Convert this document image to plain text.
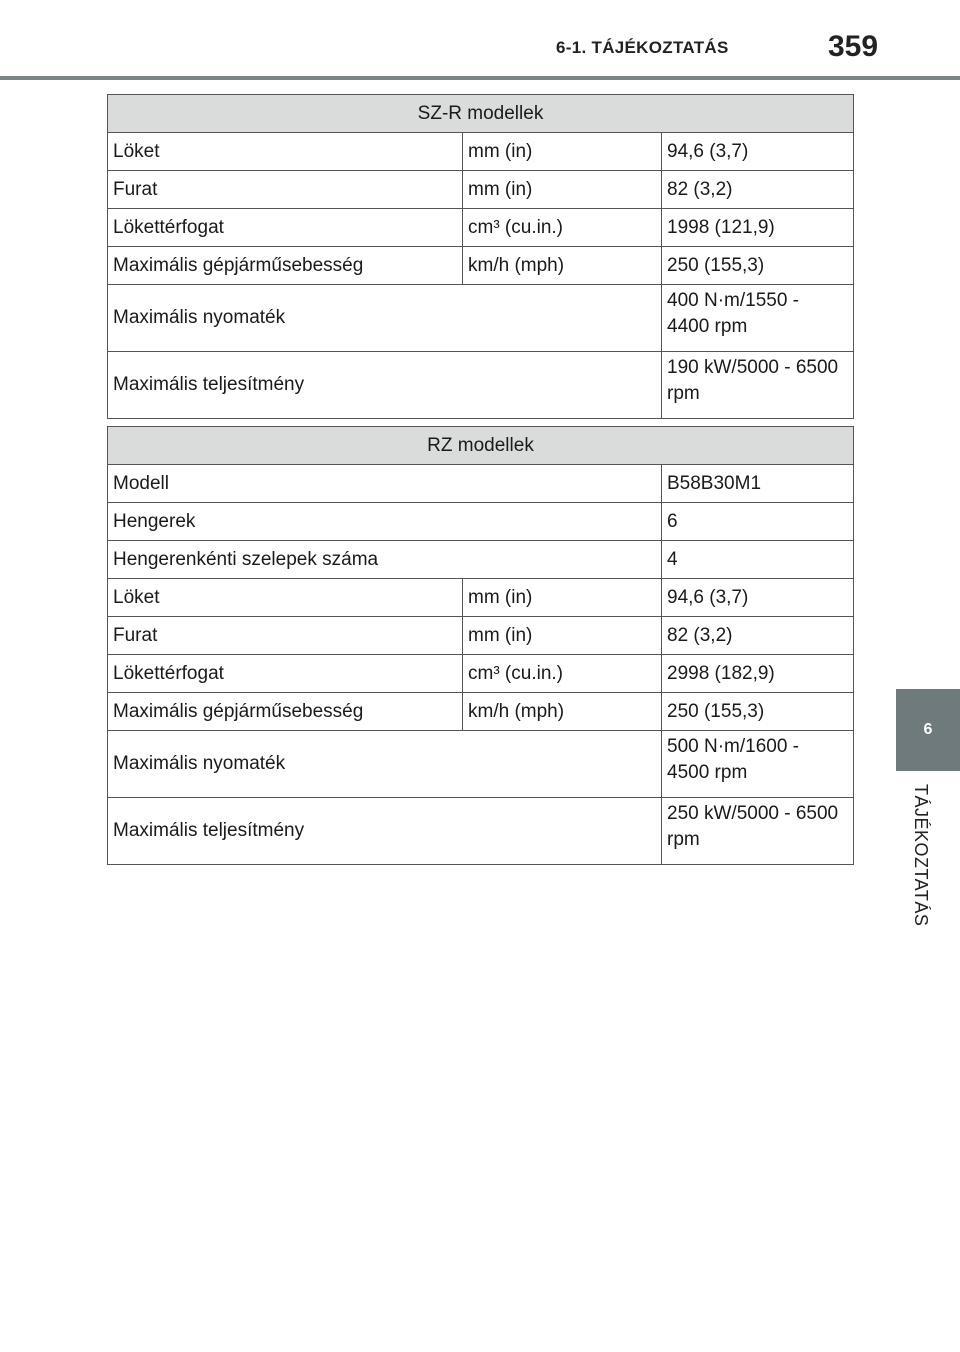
6-1. TÁJÉKOZTATÁS	359
6
TÁJÉKOZTATÁS
SZ-R modellek		
Löket	mm (in)	94,6 (3,7)
Furat	mm (in)	82 (3,2)
Lökettérfogat	cm³ (cu.in.)	1998 (121,9)
Maximális gépjárműsebesség	km/h (mph)	250 (155,3)
Maximális nyomaték		400 N·m/1550 -
4400 rpm

Maximális teljesítmény		190 kW/5000 - 6500
rpm
RZ modellek		
Modell		B58B30M1
Hengerek		6
Hengerenkénti szelepek száma		4
Löket	mm (in)	94,6 (3,7)
Furat	mm (in)	82 (3,2)
Lökettérfogat	cm³ (cu.in.)	2998 (182,9)
Maximális gépjárműsebesség	km/h (mph)	250 (155,3)
Maximális nyomaték		500 N·m/1600 -
4500 rpm

Maximális teljesítmény		250 kW/5000 - 6500
rpm
